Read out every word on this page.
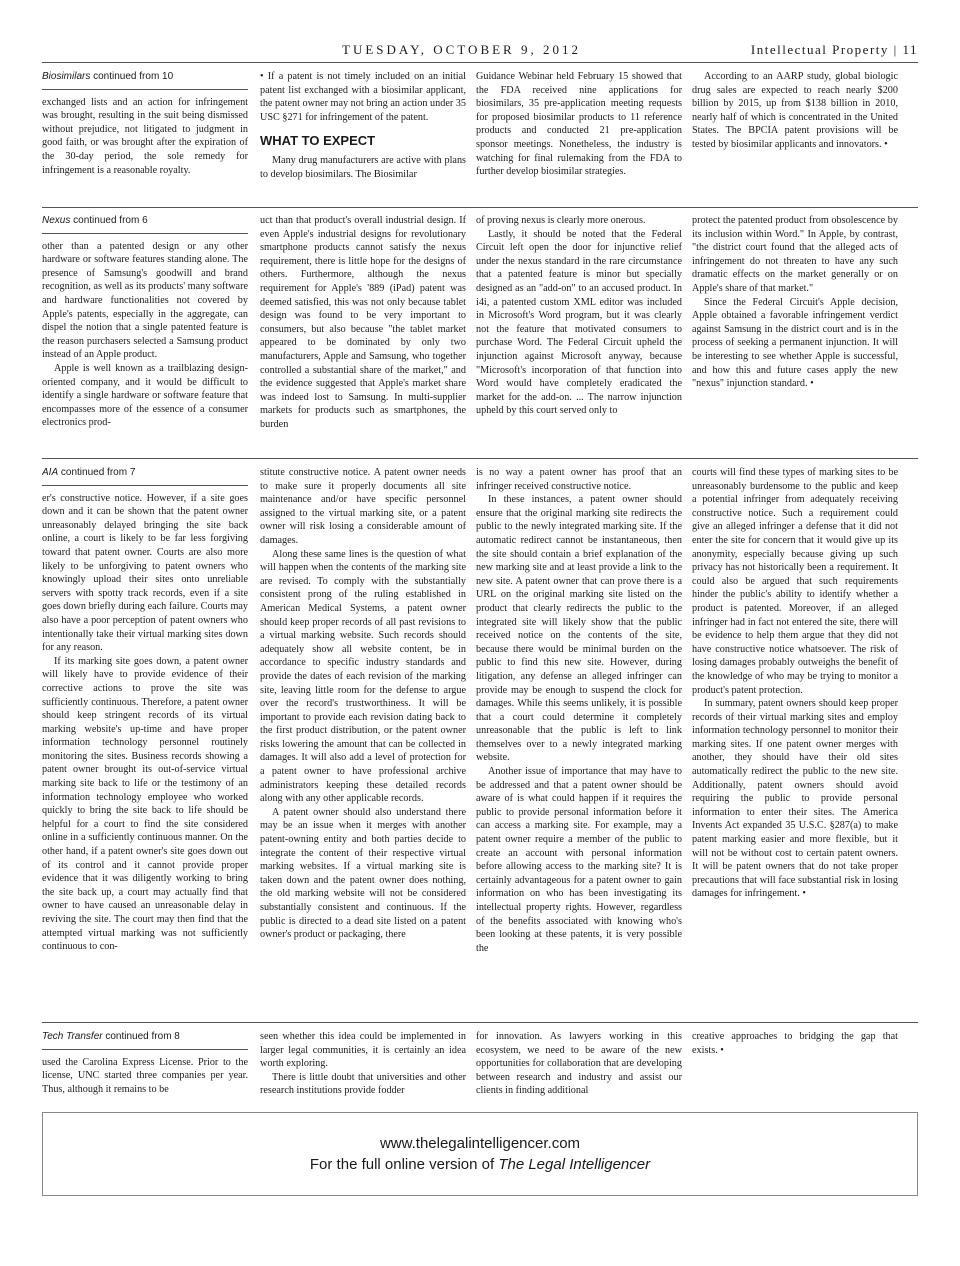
TUESDAY, OCTOBER 9, 2012	Intellectual Property | 11
Biosimilars continued from 10

exchanged lists and an action for infringement was brought, resulting in the suit being dismissed without prejudice, not litigated to judgment in good faith, or was brought after the expiration of the 30-day period, the sole remedy for infringement is a reasonable royalty.

• If a patent is not timely included on an initial patent list exchanged with a biosimilar applicant, the patent owner may not bring an action under 35 USC §271 for infringement of the patent.

WHAT TO EXPECT

Many drug manufacturers are active with plans to develop biosimilars. The Biosimilar

Guidance Webinar held February 15 showed that the FDA received nine applications for biosimilars, 35 pre-application meeting requests for proposed biosimilar products to 11 reference products and conducted 21 pre-application sponsor meetings. Nonetheless, the industry is watching for final rulemaking from the FDA to further develop biosimilar strategies.

According to an AARP study, global biologic drug sales are expected to reach nearly $200 billion by 2015, up from $138 billion in 2010, nearly half of which is concentrated in the United States. The BPCIA patent provisions will be tested by biosimilar applicants and innovators. •

Nexus continued from 6

other than a patented design or any other hardware or software features standing alone. The presence of Samsung's goodwill and brand recognition, as well as its products' many software and hardware functionalities not covered by Apple's patents, especially in the aggregate, can dispel the notion that a single patented feature is the reason purchasers selected a Samsung product instead of an Apple product.

Apple is well known as a trailblazing design-oriented company, and it would be difficult to identify a single hardware or software feature that encompasses more of the essence of a consumer electronics prod-

uct than that product's overall industrial design. If even Apple's industrial designs for revolutionary smartphone products cannot satisfy the nexus requirement, there is little hope for the designs of others. Furthermore, although the nexus requirement for Apple's '889 (iPad) patent was deemed satisfied, this was not only because tablet design was found to be very important to consumers, but also because "the tablet market appeared to be dominated by only two manufacturers, Apple and Samsung, who together controlled a substantial share of the market," and the evidence suggested that Apple's market share was indeed lost to Samsung. In multi-supplier markets for products such as smartphones, the burden

of proving nexus is clearly more onerous.

Lastly, it should be noted that the Federal Circuit left open the door for injunctive relief under the nexus standard in the rare circumstance that a patented feature is minor but specially designed as an "add-on" to an accused product. In i4i, a patented custom XML editor was included in Microsoft's Word program, but it was clearly not the feature that motivated consumers to purchase Word. The Federal Circuit upheld the injunction against Microsoft anyway, because "Microsoft's incorporation of that function into Word would have completely eradicated the market for the add-on. ... The narrow injunction upheld by this court served only to

protect the patented product from obsolescence by its inclusion within Word." In Apple, by contrast, "the district court found that the alleged acts of infringement do not threaten to have any such dramatic effects on the market generally or on Apple's share of that market."

Since the Federal Circuit's Apple decision, Apple obtained a favorable infringement verdict against Samsung in the district court and is in the process of seeking a permanent injunction. It will be interesting to see whether Apple is successful, and how this and future cases apply the new "nexus" injunction standard. •

AIA continued from 7

er's constructive notice. However, if a site goes down and it can be shown that the patent owner unreasonably delayed bringing the site back online, a court is likely to be far less forgiving toward that patent owner. Courts are also more likely to be unforgiving to patent owners who knowingly upload their sites onto unreliable servers with spotty track records, even if a site goes down briefly during each failure. Courts may also have a poor perception of patent owners who intentionally take their virtual marking sites down for any reason.

If its marking site goes down, a patent owner will likely have to provide evidence of their corrective actions to prove the site was sufficiently continuous. Therefore, a patent owner should keep stringent records of its virtual marking website's up-time and have proper information technology personnel routinely monitoring the sites. Business records showing a patent owner brought its out-of-service virtual marking site back to life or the testimony of an information technology employee who worked quickly to bring the site back to life should be helpful for a court to find the site considered online in a sufficiently continuous manner. On the other hand, if a patent owner's site goes down out of its control and it cannot provide proper evidence that it was diligently working to bring the site back up, a court may actually find that owner to have caused an unreasonable delay in reviving the site. The court may then find that the attempted virtual marking was not sufficiently continuous to con-

stitute constructive notice. A patent owner needs to make sure it properly documents all site maintenance and/or have specific personnel assigned to the virtual marking site, or a patent owner will risk losing a considerable amount of damages.

Along these same lines is the question of what will happen when the contents of the marking site are revised. To comply with the substantially consistent prong of the ruling established in American Medical Systems, a patent owner should keep proper records of all past revisions to a virtual marking website. Such records should adequately show all website content, be in accordance to specific industry standards and provide the dates of each revision of the marking site, leaving little room for the defense to argue over the record's trustworthiness. It will be important to provide each revision dating back to the first product distribution, or the patent owner risks lowering the amount that can be collected in damages. It will also add a level of protection for a patent owner to have professional archive administrators keeping these detailed records along with any other applicable records.

A patent owner should also understand there may be an issue when it merges with another patent-owning entity and both parties decide to integrate the content of their respective virtual marking websites. If a virtual marking site is taken down and the patent owner does nothing, the old marking website will not be considered substantially consistent and continuous. If the public is directed to a dead site listed on a patent owner's product or packaging, there

is no way a patent owner has proof that an infringer received constructive notice.

In these instances, a patent owner should ensure that the original marking site redirects the public to the newly integrated marking site. If the automatic redirect cannot be instantaneous, then the site should contain a brief explanation of the new marking site and at least provide a link to the new site. A patent owner that can prove there is a URL on the original marking site listed on the product that clearly redirects the public to the integrated site will likely show that the public received notice on the contents of the site, because there would be minimal burden on the public to find this new site. However, during litigation, any defense an alleged infringer can provide may be enough to suspend the clock for damages. While this seems unlikely, it is possible that a court could determine it completely unreasonable that the public is left to link themselves over to a newly integrated marking website.

Another issue of importance that may have to be addressed and that a patent owner should be aware of is what could happen if it requires the public to provide personal information before it can access a marking site. For example, may a patent owner require a member of the public to create an account with personal information before allowing access to the marking site? It is certainly advantageous for a patent owner to gain information on who has been investigating its intellectual property rights. However, regardless of the benefits associated with knowing who's been looking at these patents, it is very possible the

courts will find these types of marking sites to be unreasonably burdensome to the public and keep a potential infringer from adequately receiving constructive notice. Such a requirement could give an alleged infringer a defense that it did not enter the site for concern that it would give up its anonymity, especially because giving up such privacy has not historically been a requirement. It could also be argued that such requirements hinder the public's ability to identify whether a product is patented. Moreover, if an alleged infringer had in fact not entered the site, there will be evidence to help them argue that they did not have constructive notice whatsoever. The risk of losing damages probably outweighs the benefit of the knowledge of who may be trying to monitor a product's patent protection.

In summary, patent owners should keep proper records of their virtual marking sites and employ information technology personnel to monitor their marking sites. If one patent owner merges with another, they should have their old sites automatically redirect the public to the new site. Additionally, patent owners should avoid requiring the public to provide personal information to enter their sites. The America Invents Act expanded 35 U.S.C. §287(a) to make patent marking easier and more flexible, but it will not be without cost to certain patent owners. It will be patent owners that do not take proper precautions that will face substantial risk in losing damages for infringement. •

Tech Transfer continued from 8

used the Carolina Express License. Prior to the license, UNC started three companies per year. Thus, although it remains to be

seen whether this idea could be implemented in larger legal communities, it is certainly an idea worth exploring.

There is little doubt that universities and other research institutions provide fodder

for innovation. As lawyers working in this ecosystem, we need to be aware of the new opportunities for collaboration that are developing between research and industry and assist our clients in finding additional

creative approaches to bridging the gap that exists. •

www.thelegalintelligencer.com
For the full online version of The Legal Intelligencer
